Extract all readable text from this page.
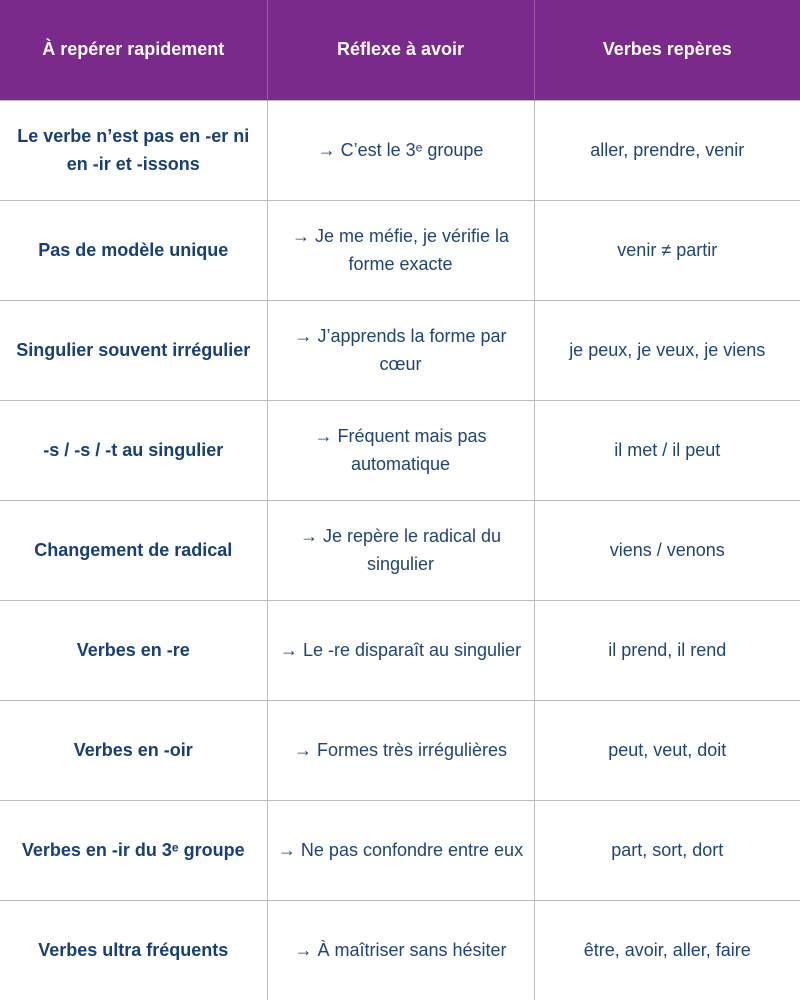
À repérer rapidement	Réflexe à avoir	Verbes repères
Le verbe n’est pas en -er ni en -ir et -issons	→ C’est le 3ᵉ groupe	aller, prendre, venir
Pas de modèle unique	→ Je me méfie, je vérifie la forme exacte	venir ≠ partir
Singulier souvent irrégulier	→ J’apprends la forme par cœur	je peux, je veux, je viens
-s / -s / -t au singulier	→ Fréquent mais pas automatique	il met / il peut
Changement de radical	→ Je repère le radical du singulier	viens / venons
Verbes en -re	→ Le -re disparaît au singulier	il prend, il rend
Verbes en -oir	→ Formes très irrégulières	peut, veut, doit
Verbes en -ir du 3ᵉ groupe	→ Ne pas confondre entre eux	part, sort, dort
Verbes ultra fréquents	→ À maîtriser sans hésiter	être, avoir, aller, faire
